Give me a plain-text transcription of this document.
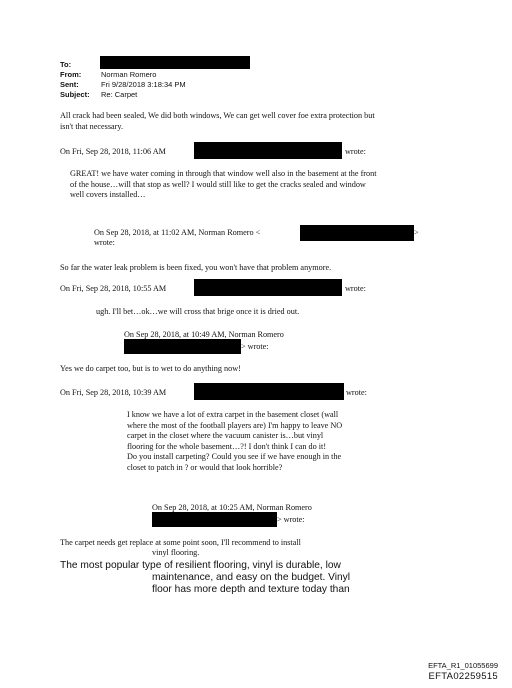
To:
From:	Norman Romero
Sent:	Fri 9/28/2018 3:18:34 PM
Subject: Re: Carpet
All crack had been sealed, We did both windows, We can get well cover foe extra protection but
isn't that necessary.
On Fri, Sep 28, 2018, 11:06 AM	wrote:
GREAT! we have water coming in through that window well also in the basement at the front
of the house…will that stop as well? I would still like to get the cracks sealed and window
well covers installed…
On Sep 28, 2018, at 11:02 AM, Norman Romero <	>
wrote:
So far the water leak problem is been fixed, you won't have that problem anymore.
On Fri, Sep 28, 2018, 10:55 AM	wrote:
ugh. I'll bet…ok…we will cross that brige once it is dried out.
On Sep 28, 2018, at 10:49 AM, Norman Romero
> wrote:
Yes we do carpet too, but is to wet to do anything now!
On Fri, Sep 28, 2018, 10:39 AM	wrote:
I know we have a lot of extra carpet in the basement closet (wall
where the most of the football players are) I'm happy to leave NO
carpet in the closet where the vacuum canister is…but vinyl
flooring for the whole basement…?! I don't think I can do it!
Do you install carpeting? Could you see if we have enough in the
closet to patch in ? or would that look horrible?
On Sep 28, 2018, at 10:25 AM, Norman Romero
> wrote:
The carpet needs get replace at some point soon, I'll recommend to install
vinyl flooring.
The most popular type of resilient flooring, vinyl is durable, low
maintenance, and easy on the budget. Vinyl
floor has more depth and texture today than
EFTA_R1_01055699
EFTA02259515
